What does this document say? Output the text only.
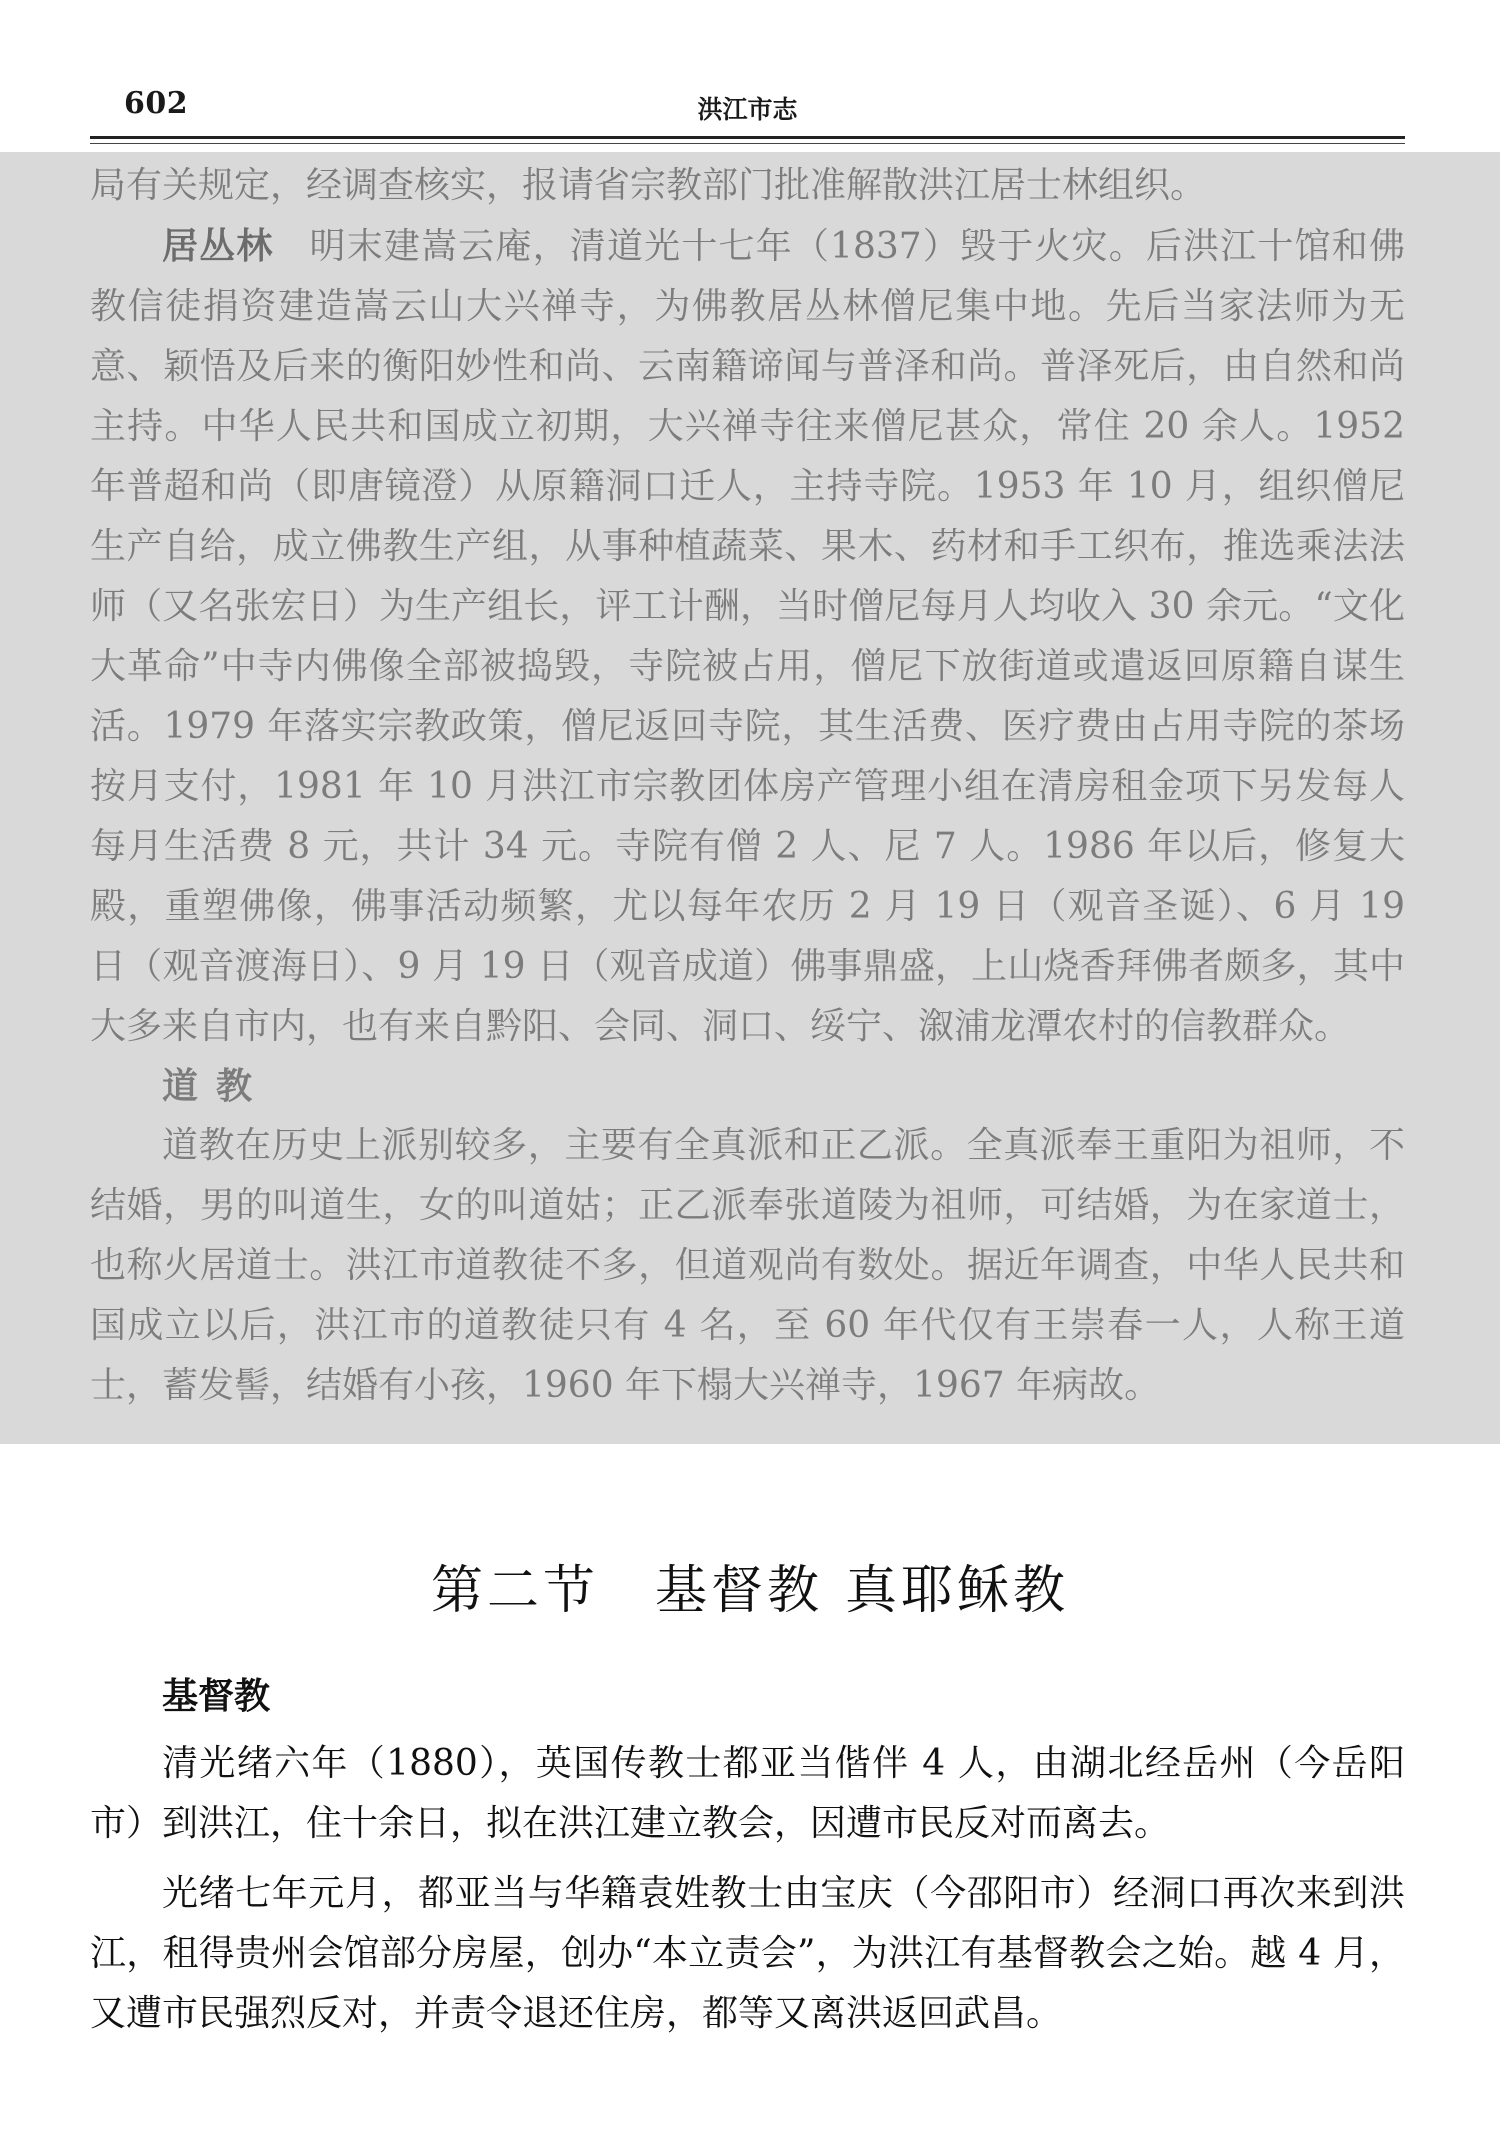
602	洪江市志

局有关规定，经调查核实，报请省宗教部门批准解散洪江居士林组织。

居丛林 明末建嵩云庵，清道光十七年（1837）毁于火灾。后洪江十馆和佛教信徒捐资建造嵩云山大兴禅寺，为佛教居丛林僧尼集中地。先后当家法师为无意、颖悟及后来的衡阳妙性和尚、云南籍谛闻与普泽和尚。普泽死后，由自然和尚主持。中华人民共和国成立初期，大兴禅寺往来僧尼甚众，常住 20 余人。1952 年普超和尚（即唐镜澄）从原籍洞口迁人，主持寺院。1953 年 10 月，组织僧尼生产自给，成立佛教生产组，从事种植蔬菜、果木、药材和手工织布，推选乘法法师（又名张宏日）为生产组长，评工计酬，当时僧尼每月人均收入 30 余元。“文化大革命”中寺内佛像全部被捣毁，寺院被占用，僧尼下放街道或遣返回原籍自谋生活。1979 年落实宗教政策，僧尼返回寺院，其生活费、医疗费由占用寺院的茶场按月支付，1981 年 10 月洪江市宗教团体房产管理小组在清房租金项下另发每人每月生活费 8 元，共计 34 元。寺院有僧 2 人、尼 7 人。1986 年以后，修复大殿，重塑佛像，佛事活动频繁，尤以每年农历 2 月 19 日（观音圣诞）、6 月 19 日（观音渡海日）、9 月 19 日（观音成道）佛事鼎盛，上山烧香拜佛者颇多，其中大多来自市内，也有来自黔阳、会同、洞口、绥宁、溆浦龙潭农村的信教群众。

道教

道教在历史上派别较多，主要有全真派和正乙派。全真派奉王重阳为祖师，不结婚，男的叫道生，女的叫道姑；正乙派奉张道陵为祖师，可结婚，为在家道士，也称火居道士。洪江市道教徒不多，但道观尚有数处。据近年调查，中华人民共和国成立以后，洪江市的道教徒只有 4 名，至 60 年代仅有王崇春一人，人称王道士，蓄发髻，结婚有小孩，1960 年下榻大兴禅寺，1967 年病故。

第二节 基督教 真耶稣教

基督教

清光绪六年（1880），英国传教士都亚当偕伴 4 人，由湖北经岳州（今岳阳市）到洪江，住十余日，拟在洪江建立教会，因遭市民反对而离去。

光绪七年元月，都亚当与华籍袁姓教士由宝庆（今邵阳市）经洞口再次来到洪江，租得贵州会馆部分房屋，创办“本立责会”，为洪江有基督教会之始。越 4 月，又遭市民强烈反对，并责令退还住房，都等又离洪返回武昌。
